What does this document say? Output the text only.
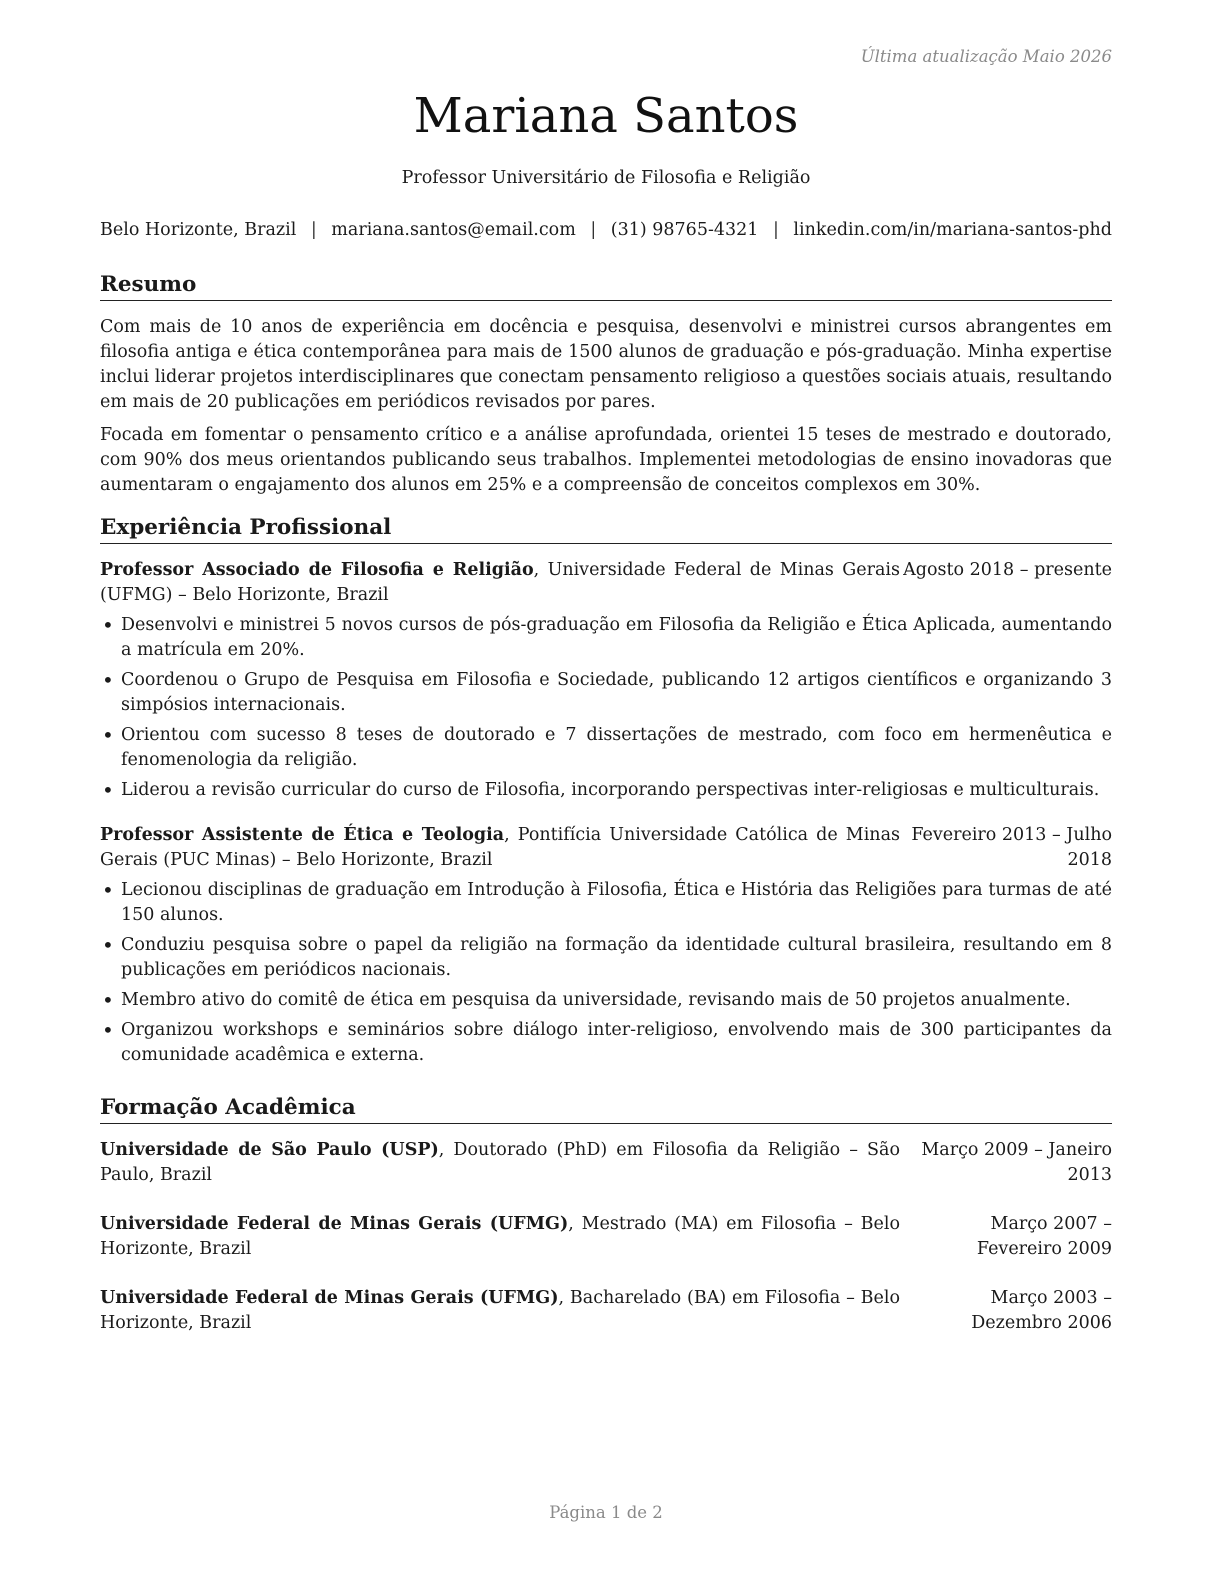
Última atualização Maio 2026
Mariana Santos
Professor Universitário de Filosofia e Religião
Belo Horizonte, Brazil | mariana.santos@email.com | (31) 98765-4321 | linkedin.com/in/mariana-santos-phd
Resumo

Com mais de 10 anos de experiência em docência e pesquisa, desenvolvi e ministrei cursos abrangentes em filosofia antiga e ética contemporânea para mais de 1500 alunos de graduação e pós-graduação. Minha expertise inclui liderar projetos interdisciplinares que conectam pensamento religioso a questões sociais atuais, resultando em mais de 20 publicações em periódicos revisados por pares.

Focada em fomentar o pensamento crítico e a análise aprofundada, orientei 15 teses de mestrado e doutorado, com 90% dos meus orientandos publicando seus trabalhos. Implementei metodologias de ensino inovadoras que aumentaram o engajamento dos alunos em 25% e a compreensão de conceitos complexos em 30%.

Experiência Profissional
Professor Associado de Filosofia e Religião, Universidade Federal de Minas Gerais (UFMG) – Belo Horizonte, Brazil
Agosto 2018 – presente
• Desenvolvi e ministrei 5 novos cursos de pós-graduação em Filosofia da Religião e Ética Aplicada, aumentando a matrícula em 20%.
• Coordenou o Grupo de Pesquisa em Filosofia e Sociedade, publicando 12 artigos científicos e organizando 3 simpósios internacionais.
• Orientou com sucesso 8 teses de doutorado e 7 dissertações de mestrado, com foco em hermenêutica e fenomenologia da religião.
• Liderou a revisão curricular do curso de Filosofia, incorporando perspectivas inter-religiosas e multiculturais.
Professor Assistente de Ética e Teologia, Pontifícia Universidade Católica de Minas Gerais (PUC Minas) – Belo Horizonte, Brazil
Fevereiro 2013 – Julho 2018
• Lecionou disciplinas de graduação em Introdução à Filosofia, Ética e História das Religiões para turmas de até 150 alunos.
• Conduziu pesquisa sobre o papel da religião na formação da identidade cultural brasileira, resultando em 8 publicações em periódicos nacionais.
• Membro ativo do comitê de ética em pesquisa da universidade, revisando mais de 50 projetos anualmente.
• Organizou workshops e seminários sobre diálogo inter-religioso, envolvendo mais de 300 participantes da comunidade acadêmica e externa.
Formação Acadêmica
Universidade de São Paulo (USP), Doutorado (PhD) em Filosofia da Religião – São Paulo, Brazil
Março 2009 – Janeiro 2013
Universidade Federal de Minas Gerais (UFMG), Mestrado (MA) em Filosofia – Belo Horizonte, Brazil
Março 2007 – Fevereiro 2009
Universidade Federal de Minas Gerais (UFMG), Bacharelado (BA) em Filosofia – Belo Horizonte, Brazil
Março 2003 – Dezembro 2006
Página 1 de 2
